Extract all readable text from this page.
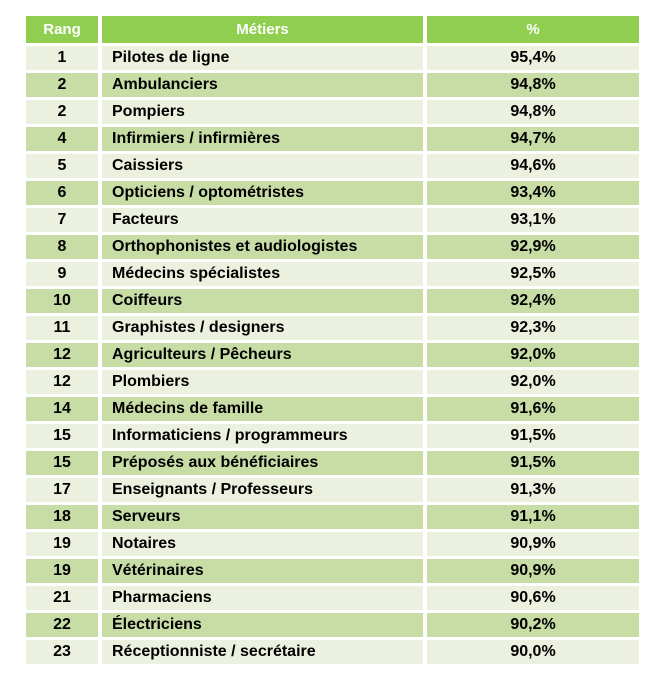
Rang	Métiers	%
1	Pilotes de ligne	95,4%
2	Ambulanciers	94,8%
2	Pompiers	94,8%
4	Infirmiers / infirmières	94,7%
5	Caissiers	94,6%
6	Opticiens / optométristes	93,4%
7	Facteurs	93,1%
8	Orthophonistes et audiologistes	92,9%
9	Médecins spécialistes	92,5%
10	Coiffeurs	92,4%
11	Graphistes / designers	92,3%
12	Agriculteurs / Pêcheurs	92,0%
12	Plombiers	92,0%
14	Médecins de famille	91,6%
15	Informaticiens / programmeurs	91,5%
15	Préposés aux bénéficiaires	91,5%
17	Enseignants / Professeurs	91,3%
18	Serveurs	91,1%
19	Notaires	90,9%
19	Vétérinaires	90,9%
21	Pharmaciens	90,6%
22	Électriciens	90,2%
23	Réceptionniste / secrétaire	90,0%
